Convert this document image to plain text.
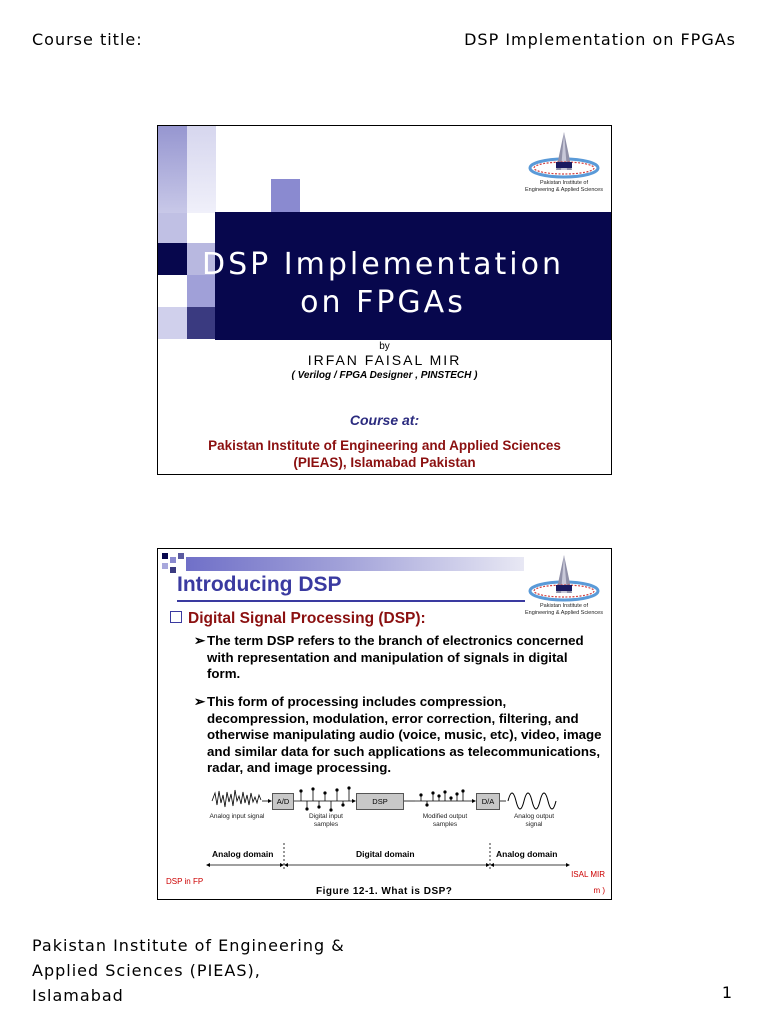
Course title:	DSP Implementation on FPGAs
DSP Implementation
on FPGAs
Pakistan Institute of
Engineering & Applied Sciences
by
IRFAN FAISAL MIR
( Verilog / FPGA Designer , PINSTECH )
Course at:
Pakistan Institute of Engineering and Applied Sciences
(PIEAS), Islamabad Pakistan
Introducing DSP
Pakistan Institute of
Engineering & Applied Sciences
Digital Signal Processing (DSP):
➢ The term DSP refers to the branch of electronics concerned with representation and manipulation of signals in digital form.
➢ This form of processing includes compression, decompression, modulation, error correction, filtering, and otherwise manipulating audio (voice, music, etc), video, image and similar data for such applications as telecommunications, radar, and image processing.
A/D	DSP	D/A
Analog input signal	Digital input samples
Modified output samples
Analog output signal
Analog domain	Digital domain	Analog domain
Figure 12-1. What is DSP?
DSP in FP
ISAL MIR
m )
Pakistan Institute of Engineering &
Applied Sciences (PIEAS),
Islamabad	1
